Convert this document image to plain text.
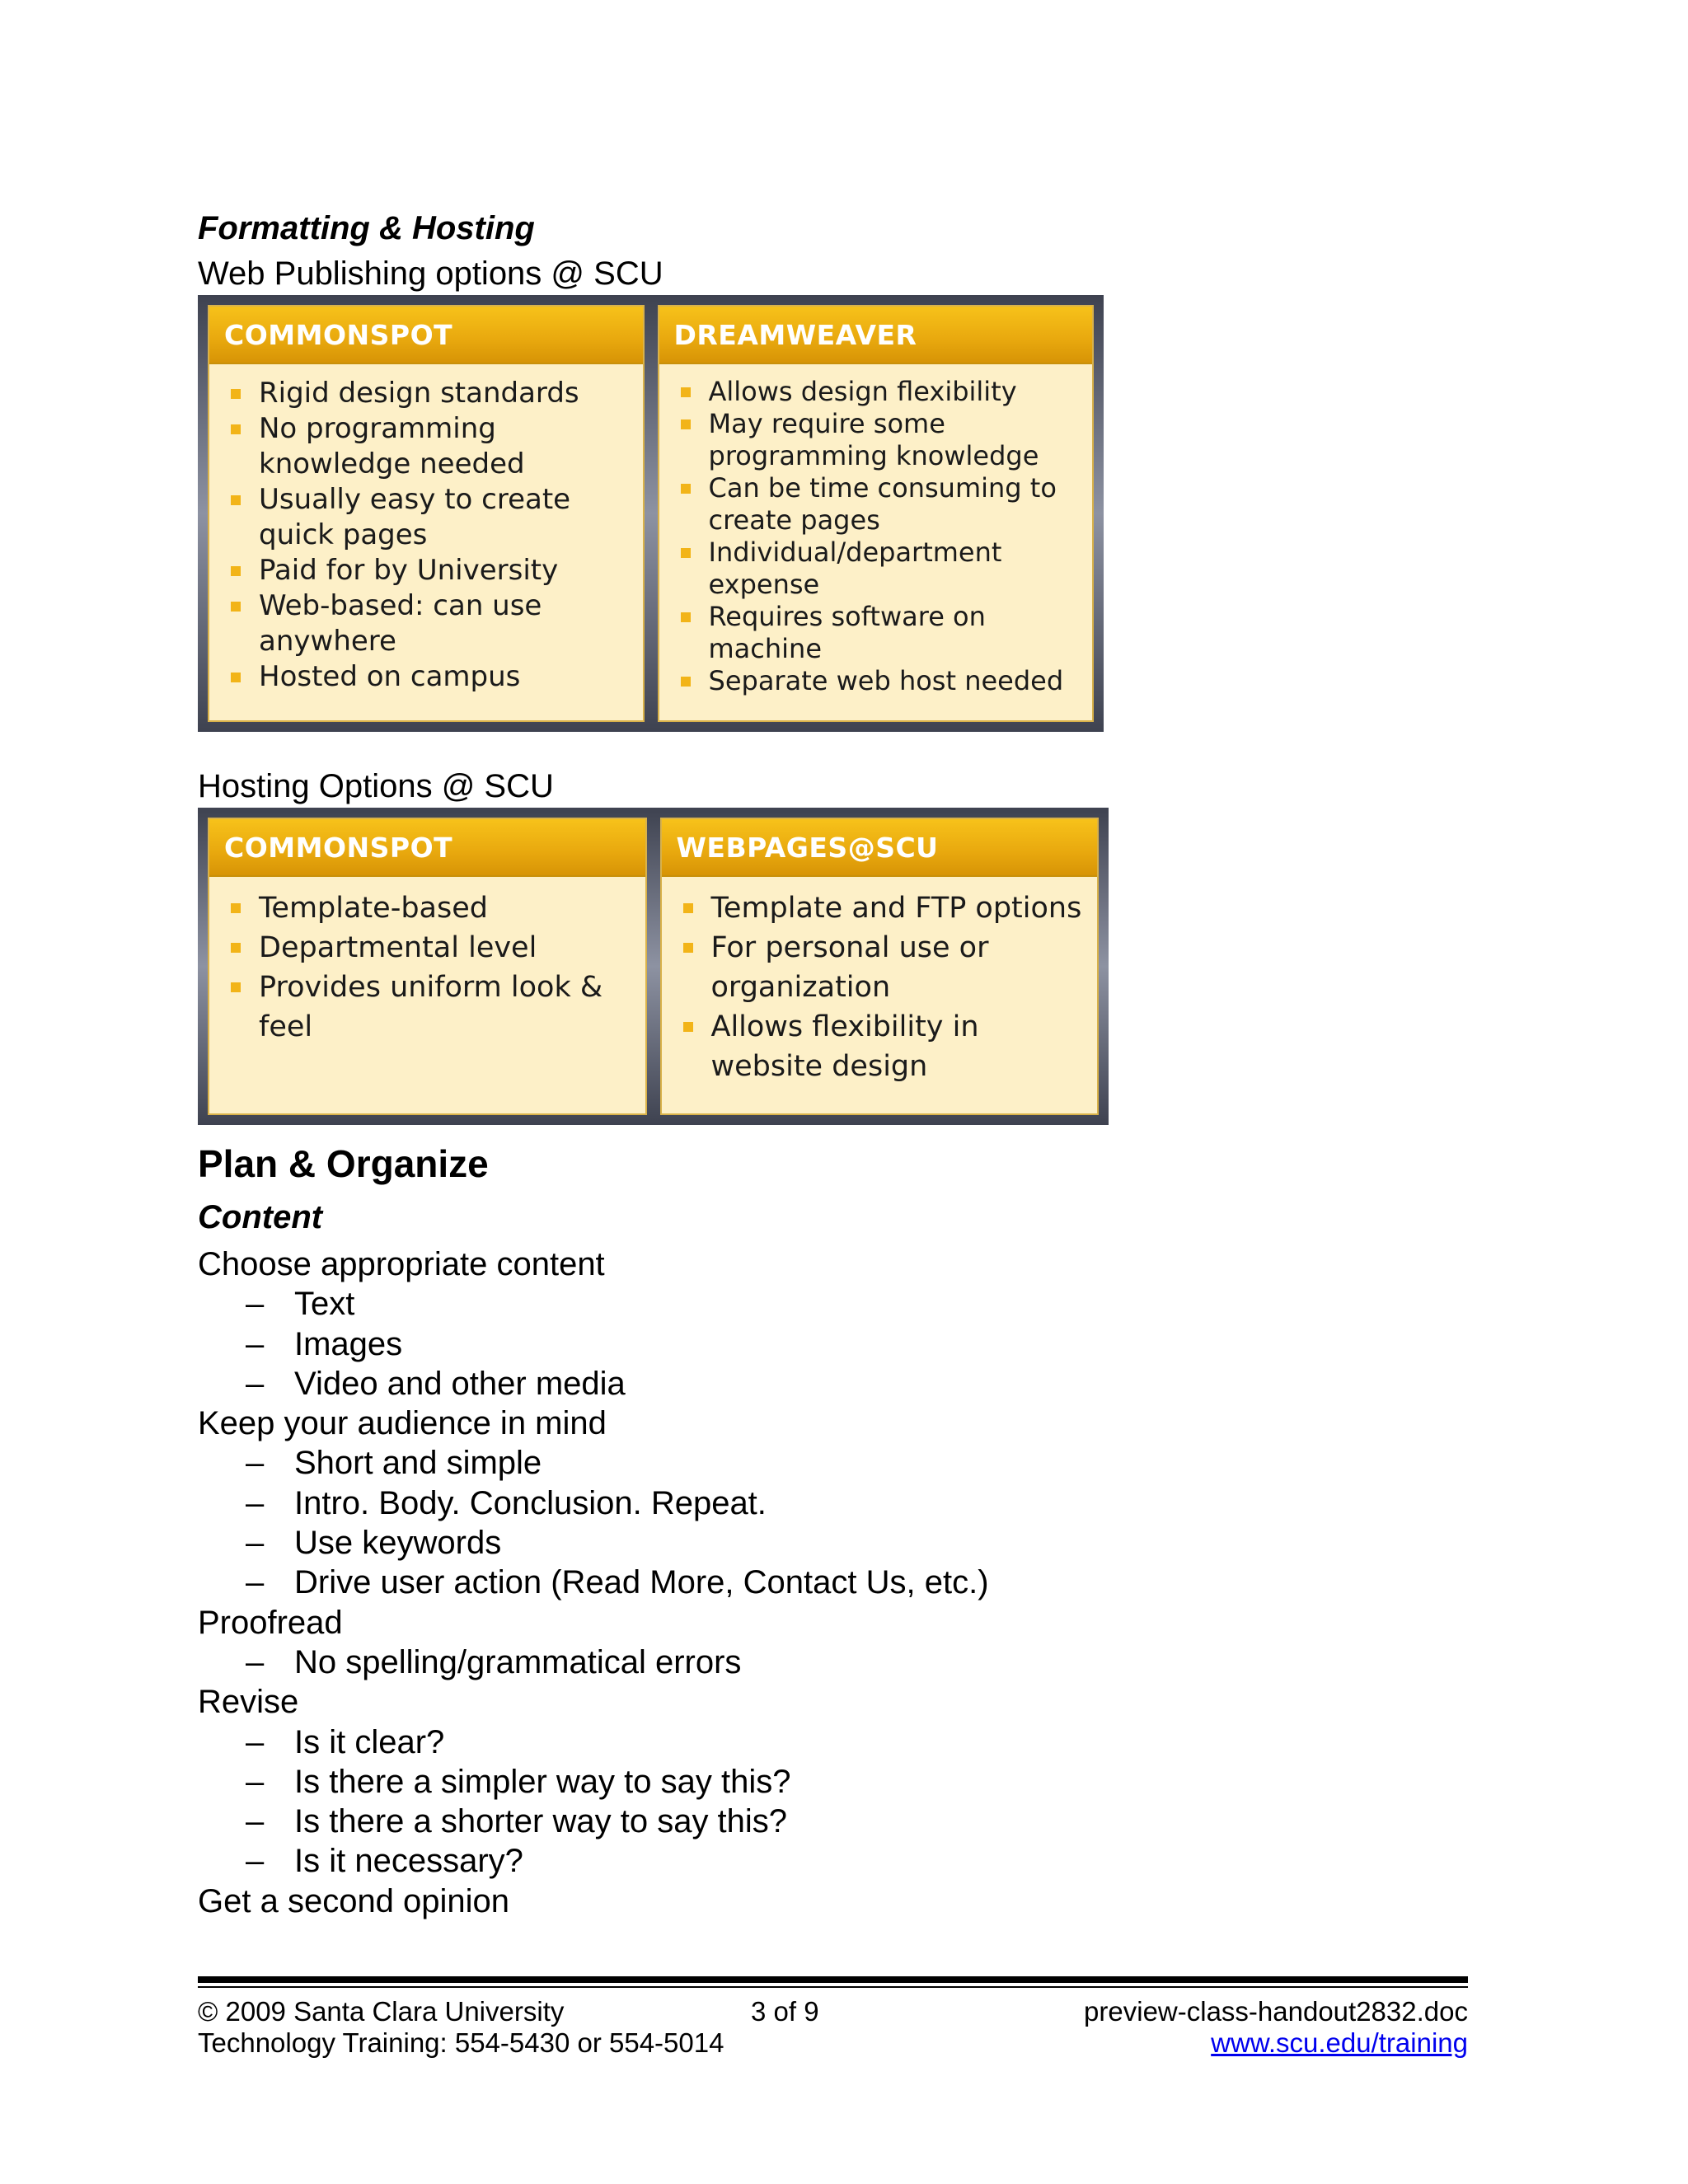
Formatting & Hosting
Web Publishing options @ SCU
COMMONSPOT
Rigid design standards
No programming knowledge needed
Usually easy to create quick pages
Paid for by University
Web-based: can use anywhere
Hosted on campus
DREAMWEAVER
Allows design flexibility
May require some programming knowledge
Can be time consuming to create pages
Individual/department expense
Requires software on machine
Separate web host needed
Hosting Options @ SCU
COMMONSPOT
Template-based
Departmental level
Provides uniform look & feel
WEBPAGES@SCU
Template and FTP options
For personal use or organization
Allows flexibility in website design
Plan & Organize
Content
Choose appropriate content
– Text
– Images
– Video and other media
Keep your audience in mind
– Short and simple
– Intro. Body. Conclusion. Repeat.
– Use keywords
– Drive user action (Read More, Contact Us, etc.)
Proofread
– No spelling/grammatical errors
Revise
– Is it clear?
– Is there a simpler way to say this?
– Is there a shorter way to say this?
– Is it necessary?
Get a second opinion
© 2009 Santa Clara University
Technology Training: 554-5430 or 554-5014
3 of 9	preview-class-handout2832.doc
www.scu.edu/training
